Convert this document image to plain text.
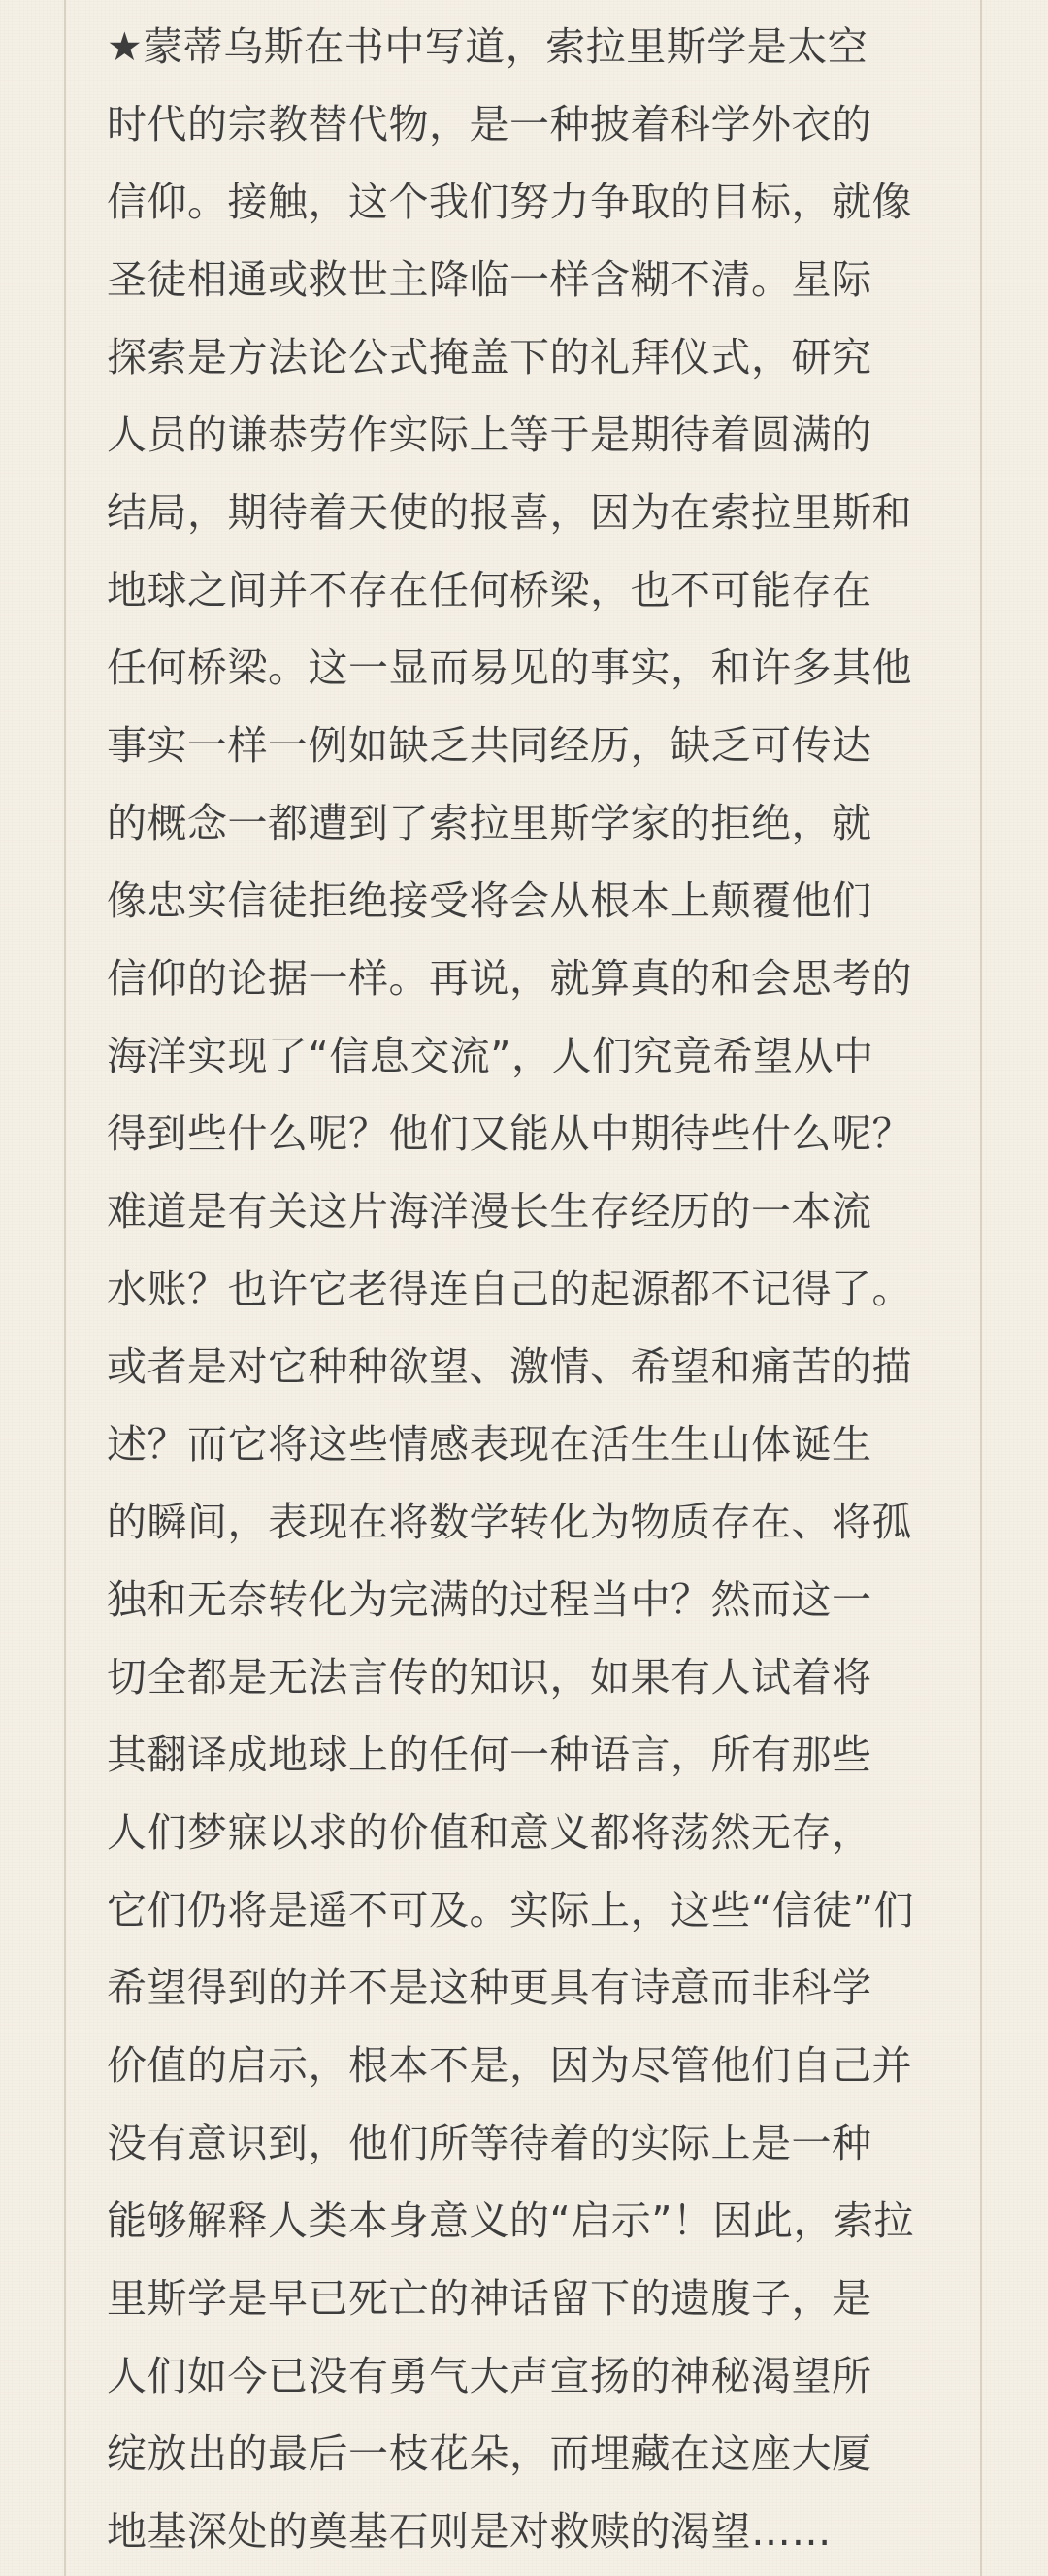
★蒙蒂乌斯在书中写道，索拉里斯学是太空
时代的宗教替代物，是一种披着科学外衣的
信仰。接触，这个我们努力争取的目标，就像
圣徒相通或救世主降临一样含糊不清。星际
探索是方法论公式掩盖下的礼拜仪式，研究
人员的谦恭劳作实际上等于是期待着圆满的
结局，期待着天使的报喜，因为在索拉里斯和
地球之间并不存在任何桥梁，也不可能存在
任何桥梁。这一显而易见的事实，和许多其他
事实一样一例如缺乏共同经历，缺乏可传达
的概念一都遭到了索拉里斯学家的拒绝，就
像忠实信徒拒绝接受将会从根本上颠覆他们
信仰的论据一样。再说，就算真的和会思考的
海洋实现了“信息交流”，人们究竟希望从中
得到些什么呢？他们又能从中期待些什么呢？
难道是有关这片海洋漫长生存经历的一本流
水账？也许它老得连自己的起源都不记得了。
或者是对它种种欲望、激情、希望和痛苦的描
述？而它将这些情感表现在活生生山体诞生
的瞬间，表现在将数学转化为物质存在、将孤
独和无奈转化为完满的过程当中？然而这一
切全都是无法言传的知识，如果有人试着将
其翻译成地球上的任何一种语言，所有那些
人们梦寐以求的价值和意义都将荡然无存，
它们仍将是遥不可及。实际上，这些“信徒”们
希望得到的并不是这种更具有诗意而非科学
价值的启示，根本不是，因为尽管他们自己并
没有意识到，他们所等待着的实际上是一种
能够解释人类本身意义的“启示”！因此，索拉
里斯学是早已死亡的神话留下的遗腹子，是
人们如今已没有勇气大声宣扬的神秘渴望所
绽放出的最后一枝花朵，而埋藏在这座大厦
地基深处的奠基石则是对救赎的渴望……
